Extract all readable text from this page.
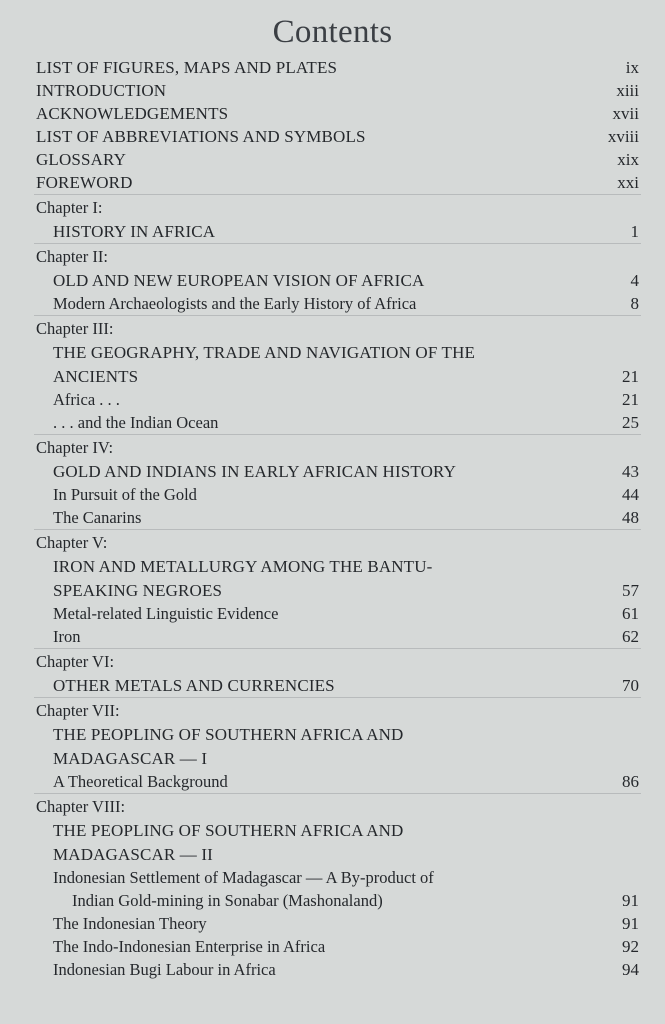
Contents
LIST OF FIGURES, MAPS AND PLATES	ix
INTRODUCTION	xiii
ACKNOWLEDGEMENTS	xvii
LIST OF ABBREVIATIONS AND SYMBOLS	xviii
GLOSSARY	xix
FOREWORD	xxi
Chapter I:
HISTORY IN AFRICA	1
Chapter II:
OLD AND NEW EUROPEAN VISION OF AFRICA	4
Modern Archaeologists and the Early History of Africa	8
Chapter III:
THE GEOGRAPHY, TRADE AND NAVIGATION OF THE
ANCIENTS	21
Africa . . .	21
. . . and the Indian Ocean	25
Chapter IV:
GOLD AND INDIANS IN EARLY AFRICAN HISTORY	43
In Pursuit of the Gold	44
The Canarins	48
Chapter V:
IRON AND METALLURGY AMONG THE BANTU-
SPEAKING NEGROES	57
Metal-related Linguistic Evidence	61
Iron	62
Chapter VI:
OTHER METALS AND CURRENCIES	70
Chapter VII:
THE PEOPLING OF SOUTHERN AFRICA AND
MADAGASCAR — I
A Theoretical Background	86
Chapter VIII:
THE PEOPLING OF SOUTHERN AFRICA AND
MADAGASCAR — II
Indonesian Settlement of Madagascar — A By-product of
Indian Gold-mining in Sonabar (Mashonaland)	91
The Indonesian Theory	91
The Indo-Indonesian Enterprise in Africa	92
Indonesian Bugi Labour in Africa	94
